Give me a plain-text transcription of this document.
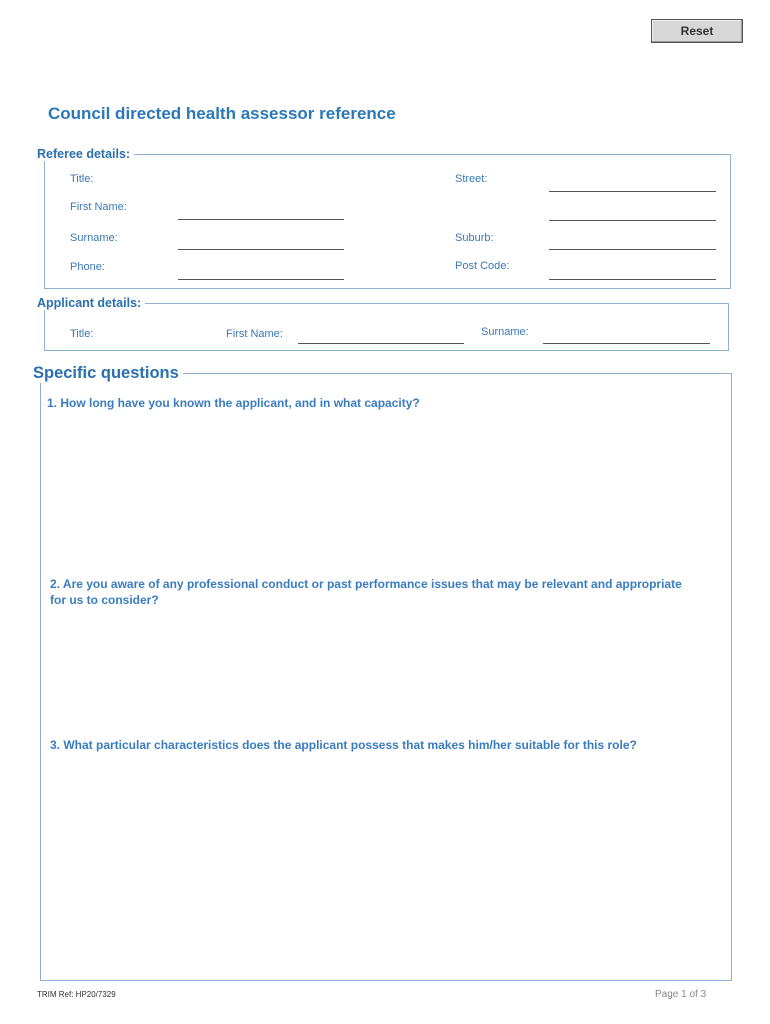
Reset
Council directed health assessor reference
Referee details:
Title:
First Name:
Surname:
Phone:
Street:
Suburb:
Post Code:
Applicant details:
Title:	First Name:	Surname:
Specific questions
1. How long have you known the applicant, and in what capacity?
2. Are you aware of any professional conduct or past performance issues that may be relevant and appropriate for us to consider?
3. What particular characteristics does the applicant possess that makes him/her suitable for this role?
TRIM Ref: HP20/7329	Page 1 of 3
